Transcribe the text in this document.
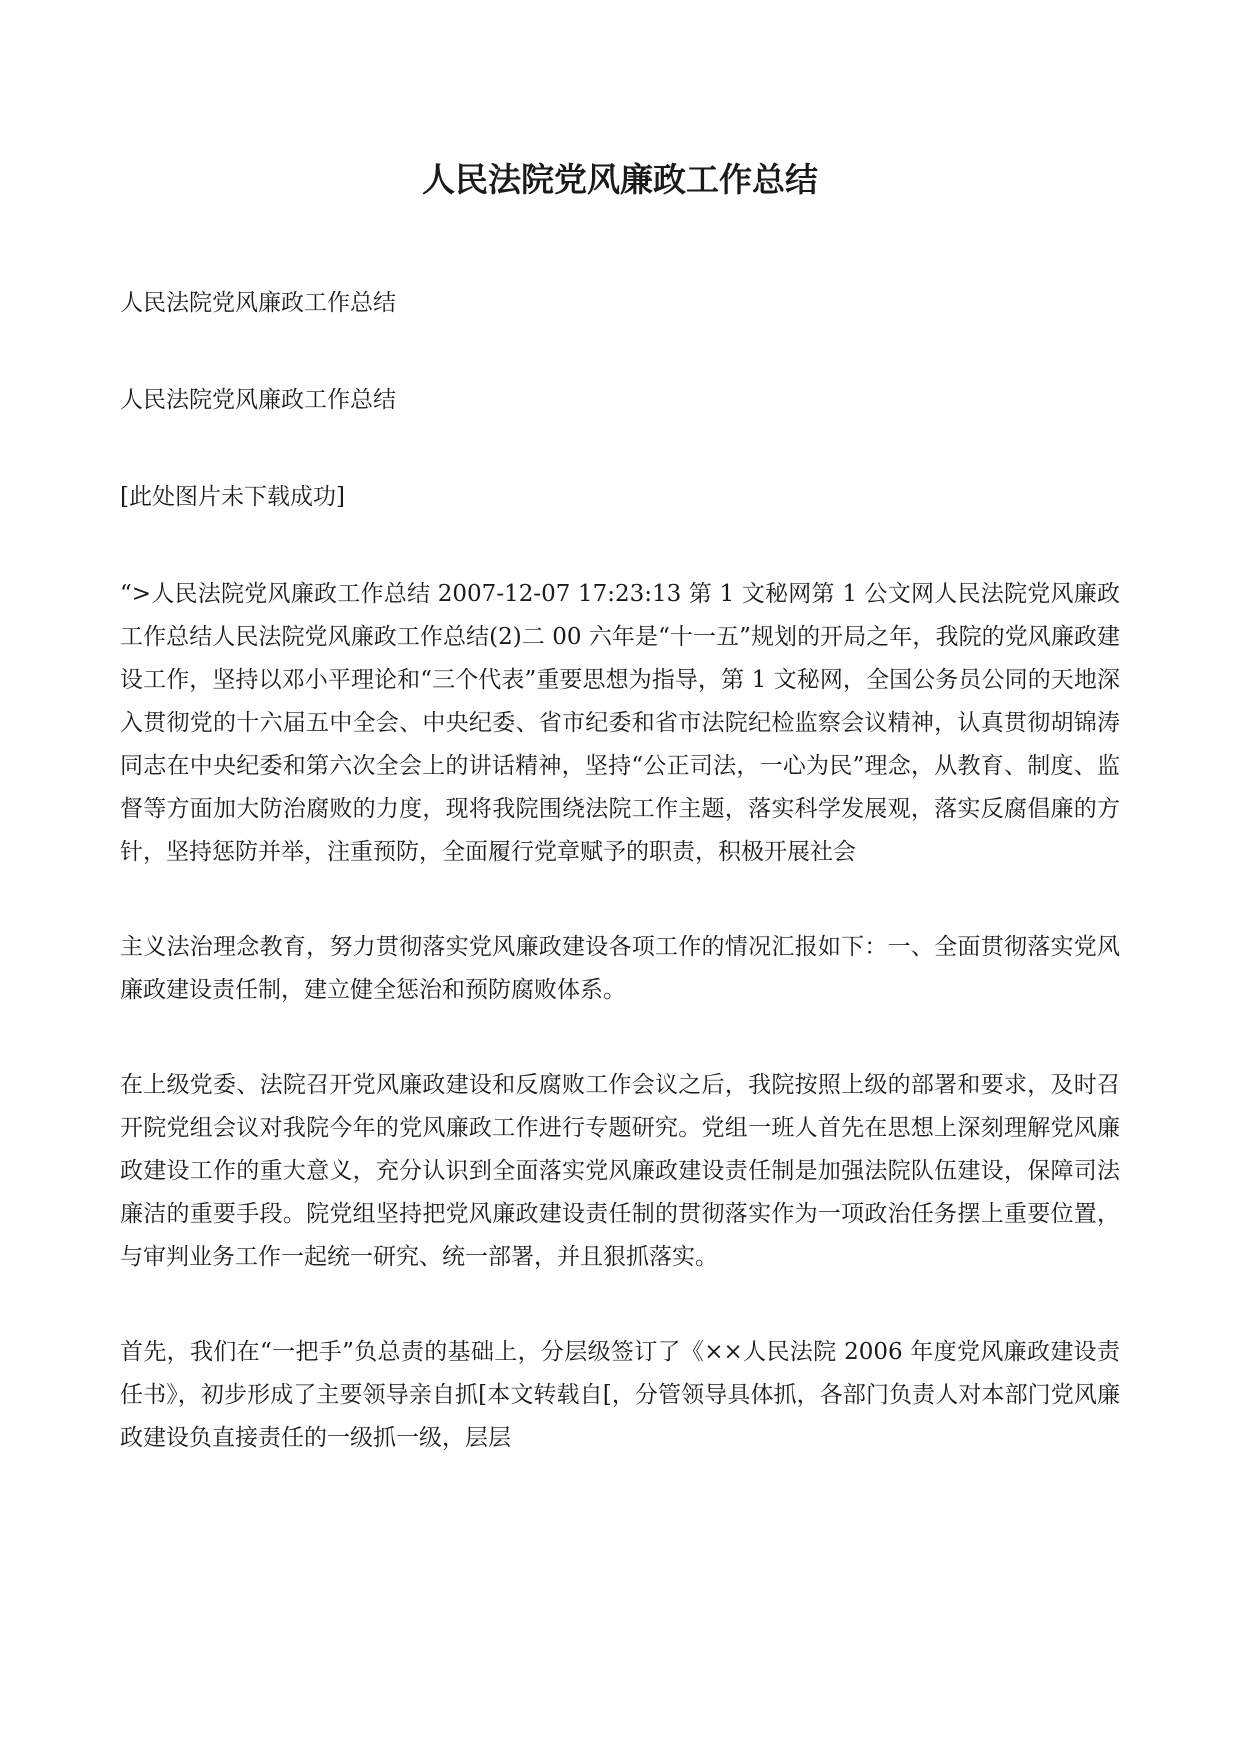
人民法院党风廉政工作总结

人民法院党风廉政工作总结

人民法院党风廉政工作总结

[此处图片未下载成功]

“>人民法院党风廉政工作总结 2007-12-07 17:23:13 第 1 文秘网第 1 公文网人民法院党风廉政工作总结人民法院党风廉政工作总结(2)二 00 六年是“十一五”规划的开局之年，我院的党风廉政建设工作，坚持以邓小平理论和“三个代表”重要思想为指导，第 1 文秘网，全国公务员公同的天地深入贯彻党的十六届五中全会、中央纪委、省市纪委和省市法院纪检监察会议精神，认真贯彻胡锦涛同志在中央纪委和第六次全会上的讲话精神，坚持“公正司法，一心为民”理念，从教育、制度、监督等方面加大防治腐败的力度，现将我院围绕法院工作主题，落实科学发展观，落实反腐倡廉的方针，坚持惩防并举，注重预防，全面履行党章赋予的职责，积极开展社会

主义法治理念教育，努力贯彻落实党风廉政建设各项工作的情况汇报如下：一、全面贯彻落实党风廉政建设责任制，建立健全惩治和预防腐败体系。

在上级党委、法院召开党风廉政建设和反腐败工作会议之后，我院按照上级的部署和要求，及时召开院党组会议对我院今年的党风廉政工作进行专题研究。党组一班人首先在思想上深刻理解党风廉政建设工作的重大意义，充分认识到全面落实党风廉政建设责任制是加强法院队伍建设，保障司法廉洁的重要手段。院党组坚持把党风廉政建设责任制的贯彻落实作为一项政治任务摆上重要位置，与审判业务工作一起统一研究、统一部署，并且狠抓落实。

首先，我们在“一把手”负总责的基础上，分层级签订了《××人民法院 2006 年度党风廉政建设责任书》，初步形成了主要领导亲自抓[本文转载自[，分管领导具体抓，各部门负责人对本部门党风廉政建设负直接责任的一级抓一级，层层
